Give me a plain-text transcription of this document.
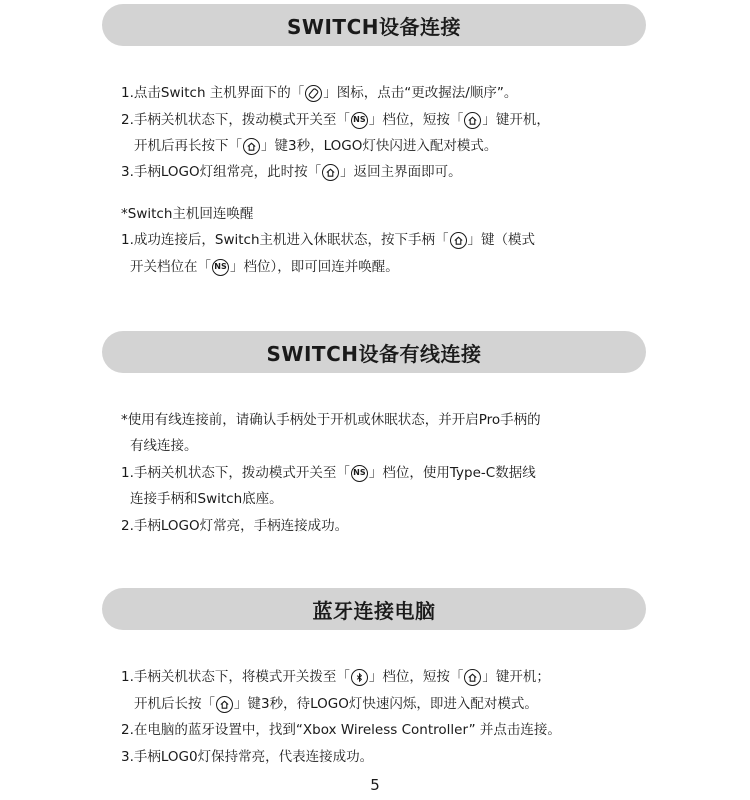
SWITCH设备连接
1.点击Switch 主机界面下的「 」图标，点击“更改握法/顺序”。
2.手柄关机状态下，拨动模式开关至「 NS 」档位，短按「 」键开机，
开机后再长按下「 」键3秒，LOGO灯快闪进入配对模式。
3.手柄LOGO灯组常亮，此时按「 」返回主界面即可。
*Switch主机回连唤醒
1.成功连接后，Switch主机进入休眠状态，按下手柄「 」键（模式
开关档位在「 NS 」档位），即可回连并唤醒。
SWITCH设备有线连接
*使用有线连接前，请确认手柄处于开机或休眠状态，并开启Pro手柄的
有线连接。
1.手柄关机状态下，拨动模式开关至「 NS 」档位，使用Type-C数据线
连接手柄和Switch底座。
2.手柄LOGO灯常亮，手柄连接成功。
蓝牙连接电脑
1.手柄关机状态下，将模式开关拨至「 」档位，短按「 」键开机；
开机后长按「 」键3秒，待LOGO灯快速闪烁，即进入配对模式。
2.在电脑的蓝牙设置中，找到“Xbox Wireless Controller” 并点击连接。
3.手柄LOG0灯保持常亮，代表连接成功。
5
